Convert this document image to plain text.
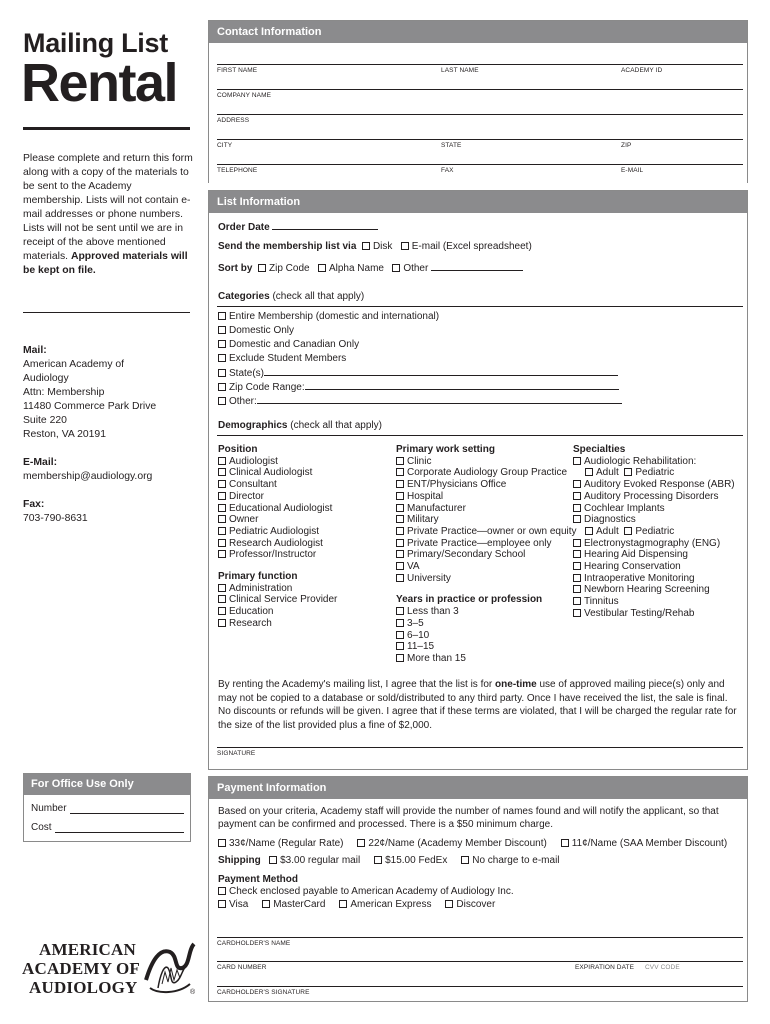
Mailing List
Rental
Please complete and return this form along with a copy of the materials to be sent to the Academy membership. Lists will not contain e-mail addresses or phone numbers. Lists will not be sent until we are in receipt of the above mentioned materials. Approved materials will be kept on file.
Mail:
American Academy of
Audiology
Attn: Membership
11480 Commerce Park Drive
Suite 220
Reston, VA 20191
E-Mail:
membership@audiology.org
Fax:
703-790-8631
For Office Use Only
Number
Cost
AMERICAN
ACADEMY OF
AUDIOLOGY	®
Contact Information
FIRST NAME	LAST NAME	ACADEMY ID
COMPANY NAME
ADDRESS
CITY	STATE	ZIP
TELEPHONE	FAX	E-MAIL
List Information
Order Date
Send the membership list via Disk E-mail (Excel spreadsheet)
Sort by Zip Code Alpha Name Other
Categories (check all that apply)
Entire Membership (domestic and international)
Domestic Only
Domestic and Canadian Only
Exclude Student Members
State(s)
Zip Code Range:
Other:
Demographics (check all that apply)
Position
Audiologist
Clinical Audiologist
Consultant
Director
Educational Audiologist
Owner
Pediatric Audiologist
Research Audiologist
Professor/Instructor
Primary function
Administration
Clinical Service Provider
Education
Research
Primary work setting
Clinic
Corporate Audiology Group Practice
ENT/Physicians Office
Hospital
Manufacturer
Military
Private Practice—owner or own equity
Private Practice—employee only
Primary/Secondary School
VA
University
Years in practice or profession
Less than 3
3–5
6–10
11–15
More than 15
Specialties
Audiologic Rehabilitation:
Adult Pediatric
Auditory Evoked Response (ABR)
Auditory Processing Disorders
Cochlear Implants
Diagnostics
Adult Pediatric
Electronystagmography (ENG)
Hearing Aid Dispensing
Hearing Conservation
Intraoperative Monitoring
Newborn Hearing Screening
Tinnitus
Vestibular Testing/Rehab
By renting the Academy's mailing list, I agree that the list is for one-time use of approved mailing piece(s) only and may not be copied to a database or sold/distributed to any third party. Once I have received the list, the sale is final. No discounts or refunds will be given. I agree that if these terms are violated, that I will be charged the regular rate for the size of the list provided plus a fine of $2,000.
SIGNATURE
Payment Information
Based on your criteria, Academy staff will provide the number of names found and will notify the applicant, so that
payment can be confirmed and processed. There is a $50 minimum charge.
33¢/Name (Regular Rate) 22¢/Name (Academy Member Discount) 11¢/Name (SAA Member Discount)
Shipping $3.00 regular mail $15.00 FedEx No charge to e-mail
Payment Method
Check enclosed payable to American Academy of Audiology Inc.
Visa MasterCard American Express Discover
CARDHOLDER'S NAME
CARD NUMBER	EXPIRATION DATE CVV CODE
CARDHOLDER'S SIGNATURE
